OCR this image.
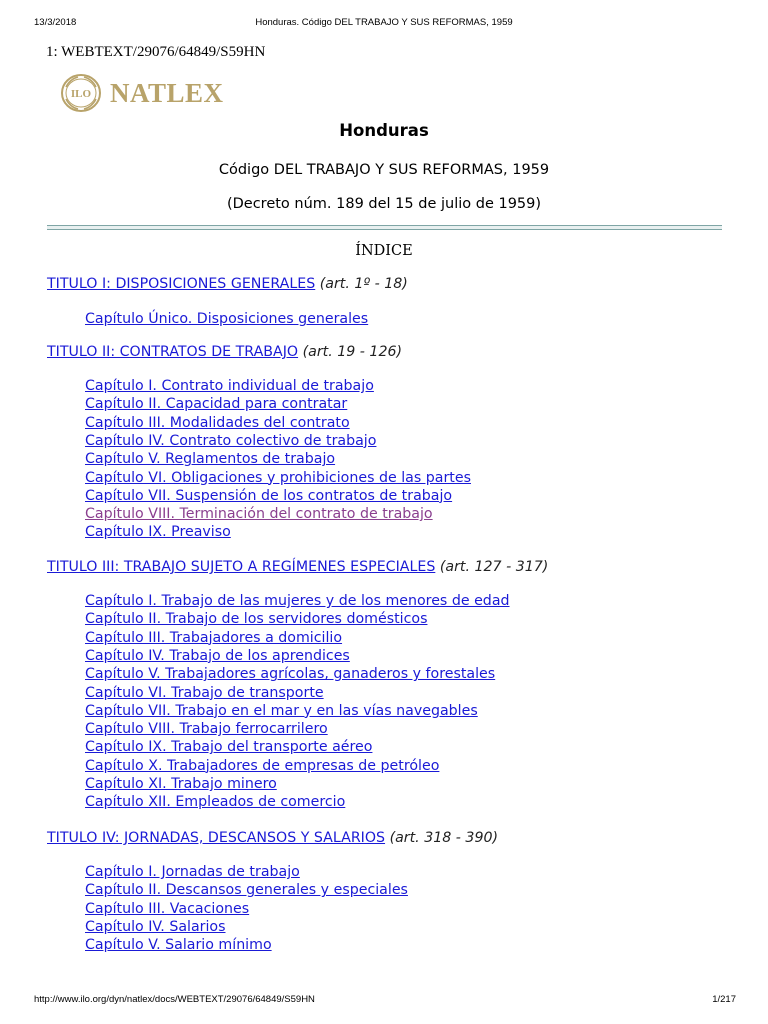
13/3/2018	Honduras. Código DEL TRABAJO Y SUS REFORMAS, 1959
1: WEBTEXT/29076/64849/S59HN
ILO NATLEX
Honduras
Código DEL TRABAJO Y SUS REFORMAS, 1959
(Decreto núm. 189 del 15 de julio de 1959)
ÍNDICE
TITULO I: DISPOSICIONES GENERALES (art. 1º - 18)
Capítulo Único. Disposiciones generales
TITULO II: CONTRATOS DE TRABAJO (art. 19 - 126)
Capítulo I. Contrato individual de trabajo
Capítulo II. Capacidad para contratar
Capítulo III. Modalidades del contrato
Capítulo IV. Contrato colectivo de trabajo
Capítulo V. Reglamentos de trabajo
Capítulo VI. Obligaciones y prohibiciones de las partes
Capítulo VII. Suspensión de los contratos de trabajo
Capítulo VIII. Terminación del contrato de trabajo
Capítulo IX. Preaviso
TITULO III: TRABAJO SUJETO A REGÍMENES ESPECIALES (art. 127 - 317)
Capítulo I. Trabajo de las mujeres y de los menores de edad
Capítulo II. Trabajo de los servidores domésticos
Capítulo III. Trabajadores a domicilio
Capítulo IV. Trabajo de los aprendices
Capítulo V. Trabajadores agrícolas, ganaderos y forestales
Capítulo VI. Trabajo de transporte
Capítulo VII. Trabajo en el mar y en las vías navegables
Capítulo VIII. Trabajo ferrocarrilero
Capítulo IX. Trabajo del transporte aéreo
Capítulo X. Trabajadores de empresas de petróleo
Capítulo XI. Trabajo minero
Capítulo XII. Empleados de comercio
TITULO IV: JORNADAS, DESCANSOS Y SALARIOS (art. 318 - 390)
Capítulo I. Jornadas de trabajo
Capítulo II. Descansos generales y especiales
Capítulo III. Vacaciones
Capítulo IV. Salarios
Capítulo V. Salario mínimo
http://www.ilo.org/dyn/natlex/docs/WEBTEXT/29076/64849/S59HN	1/217
